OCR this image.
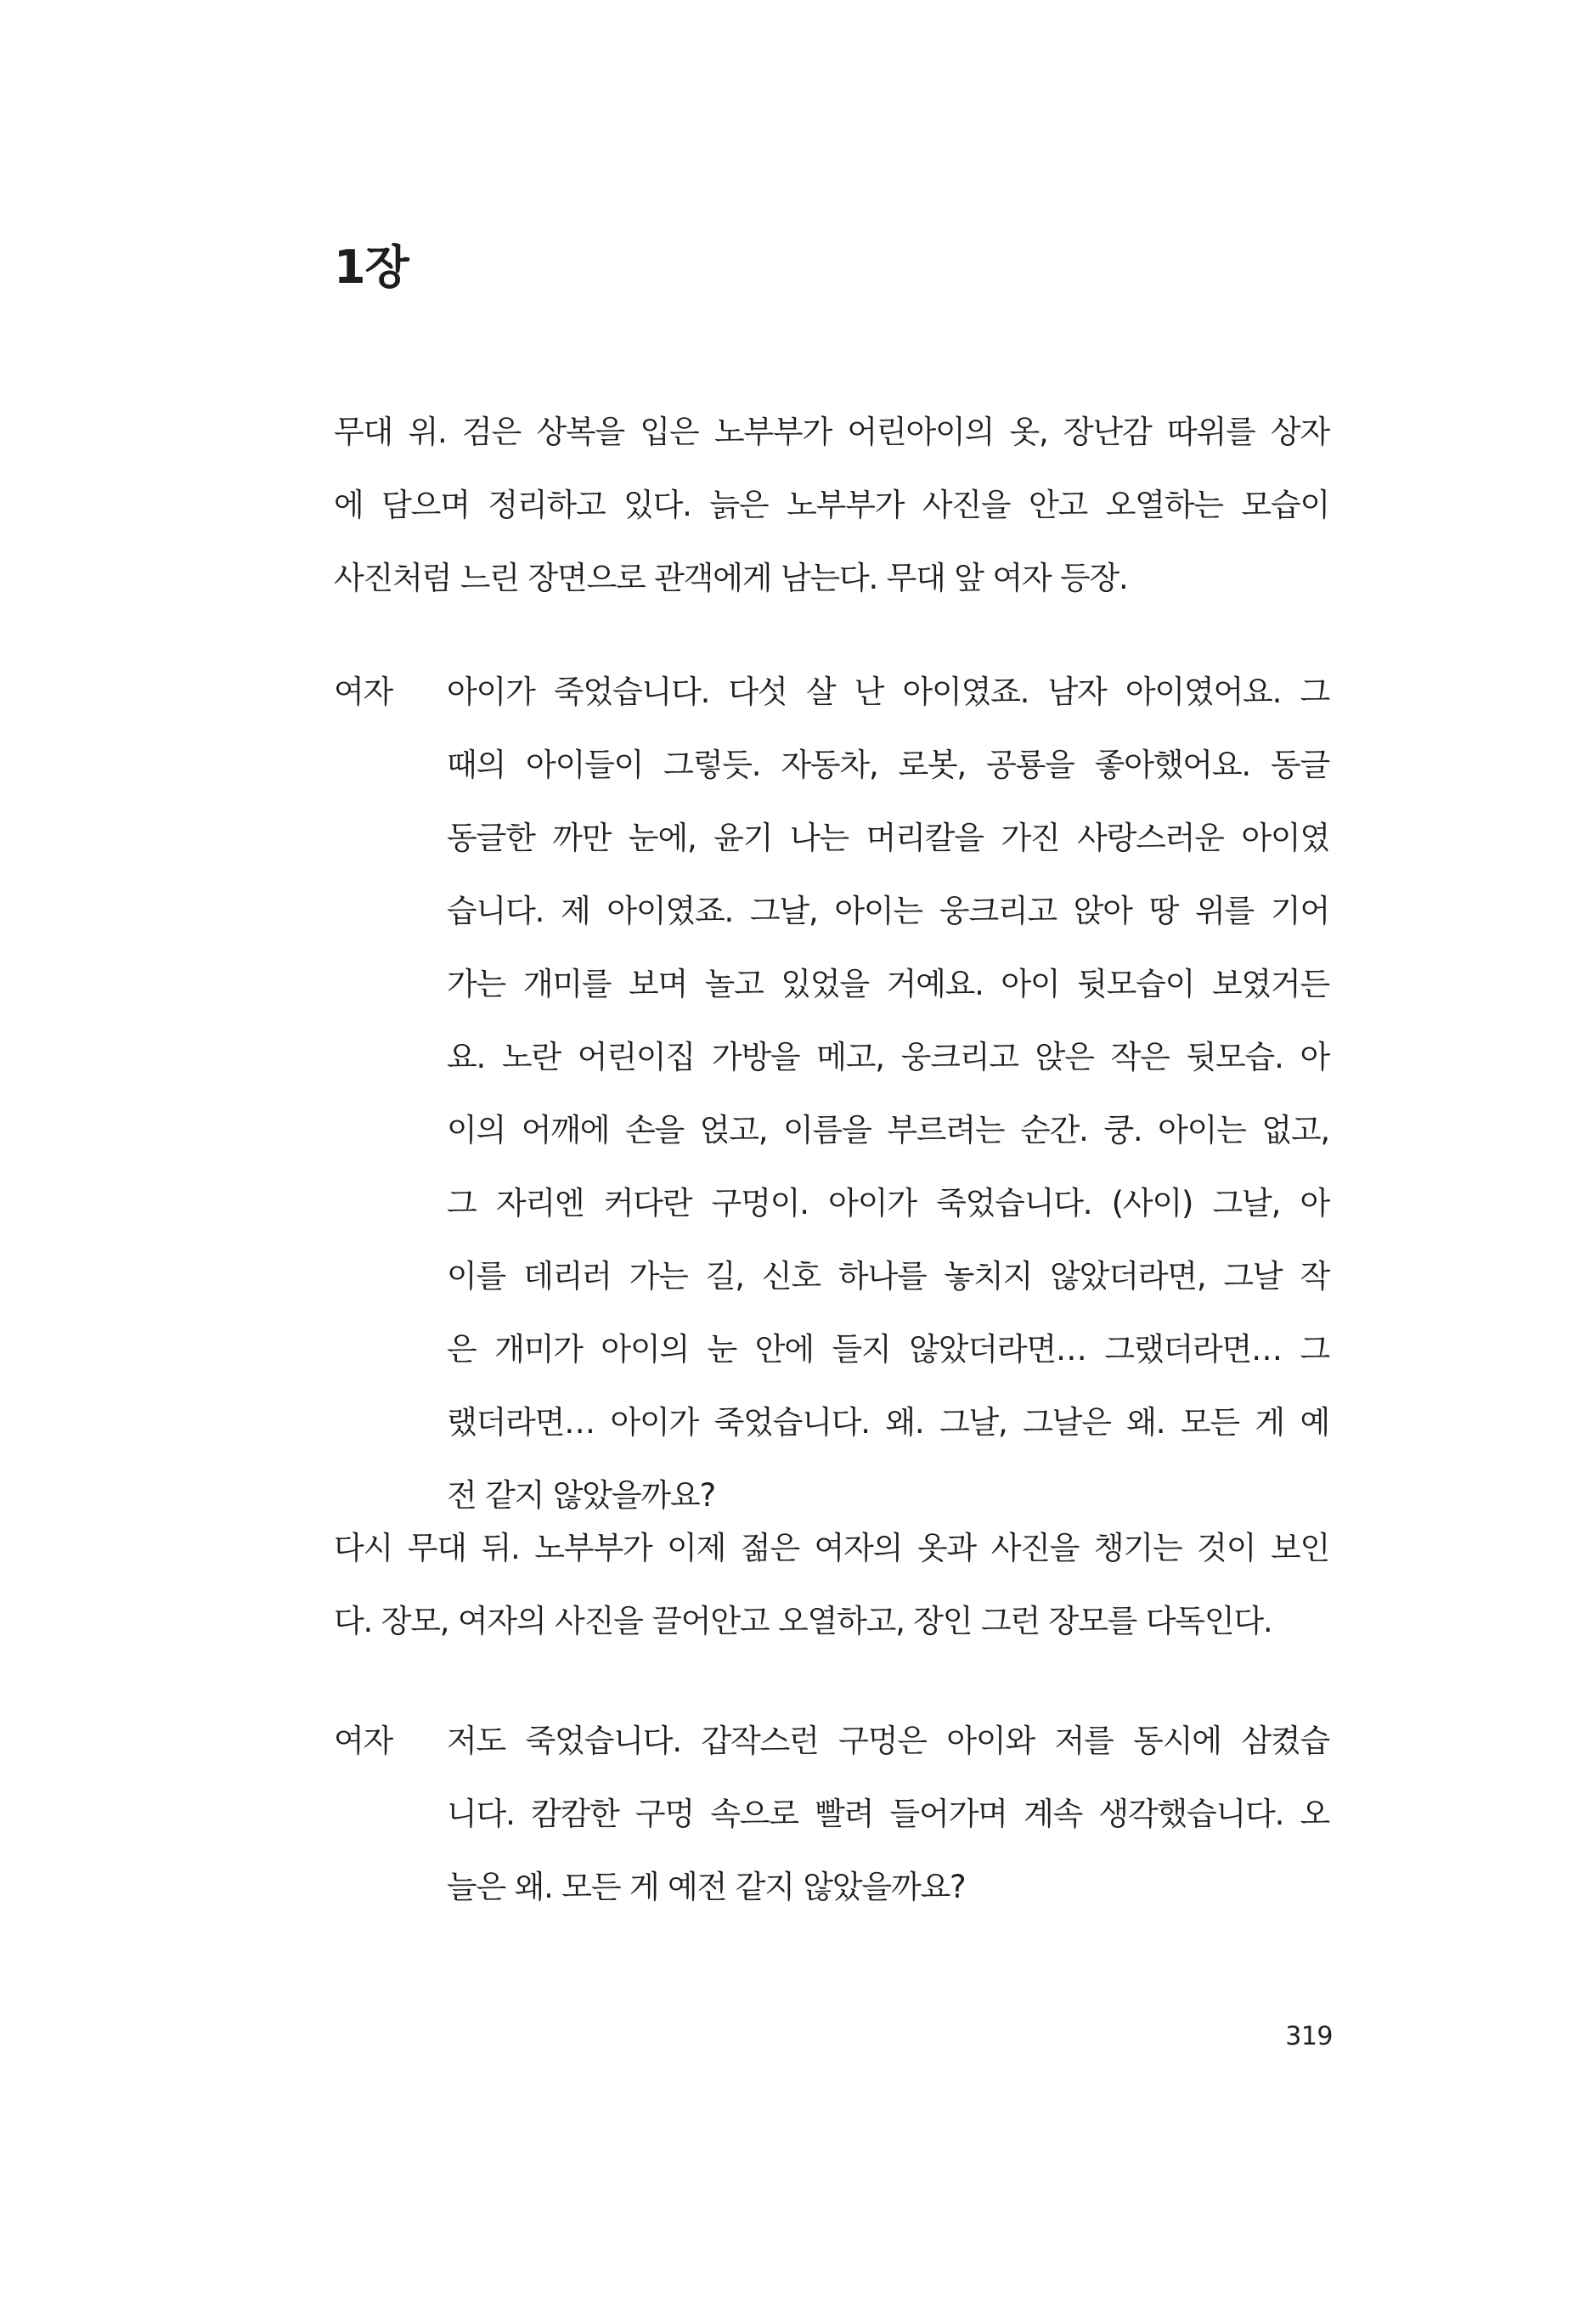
1장
무대 위. 검은 상복을 입은 노부부가 어린아이의 옷, 장난감 따위를 상자
에 담으며 정리하고 있다. 늙은 노부부가 사진을 안고 오열하는 모습이
사진처럼 느린 장면으로 관객에게 남는다. 무대 앞 여자 등장.
여자 아이가 죽었습니다. 다섯 살 난 아이였죠. 남자 아이였어요. 그
때의 아이들이 그렇듯. 자동차, 로봇, 공룡을 좋아했어요. 동글
동글한 까만 눈에, 윤기 나는 머리칼을 가진 사랑스러운 아이였
습니다. 제 아이였죠. 그날, 아이는 웅크리고 앉아 땅 위를 기어
가는 개미를 보며 놀고 있었을 거예요. 아이 뒷모습이 보였거든
요. 노란 어린이집 가방을 메고, 웅크리고 앉은 작은 뒷모습. 아
이의 어깨에 손을 얹고, 이름을 부르려는 순간. 쿵. 아이는 없고,
그 자리엔 커다란 구멍이. 아이가 죽었습니다. (사이) 그날, 아
이를 데리러 가는 길, 신호 하나를 놓치지 않았더라면, 그날 작
은 개미가 아이의 눈 안에 들지 않았더라면… 그랬더라면… 그
랬더라면… 아이가 죽었습니다. 왜. 그날, 그날은 왜. 모든 게 예
전 같지 않았을까요?
다시 무대 뒤. 노부부가 이제 젊은 여자의 옷과 사진을 챙기는 것이 보인
다. 장모, 여자의 사진을 끌어안고 오열하고, 장인 그런 장모를 다독인다.
여자 저도 죽었습니다. 갑작스런 구멍은 아이와 저를 동시에 삼켰습
니다. 캄캄한 구멍 속으로 빨려 들어가며 계속 생각했습니다. 오
늘은 왜. 모든 게 예전 같지 않았을까요?
319
